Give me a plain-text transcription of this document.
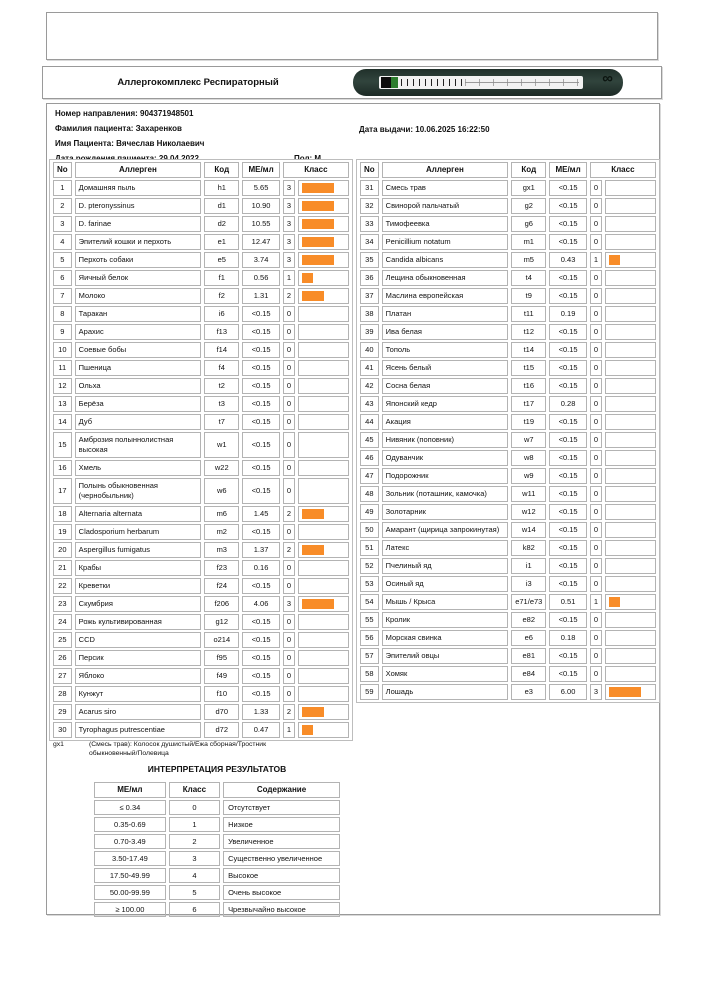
Аллергокомплекс Респираторный	∞
Номер направления: 904371948501
Фамилия пациента: Захаренков
Имя Пациента: Вячеслав Николаевич
Дата выдачи: 10.06.2025 16:22:50
No	Аллерген	Код	МЕ/мл	Класс	
1	Домашняя пыль	h1	5.65	3	

2	D. pteronyssinus	d1	10.90	3	

3	D. farinae	d2	10.55	3	

4	Эпителий кошки и перхоть	e1	12.47	3	

5	Перхоть собаки	e5	3.74	3	

6	Яичный белок	f1	0.56	1	

7	Молоко	f2	1.31	2	

8	Таракан	i6	<0.15	0	
9	Арахис	f13	<0.15	0	
10	Соевые бобы	f14	<0.15	0	
11	Пшеница	f4	<0.15	0	
12	Ольха	t2	<0.15	0	
13	Берёза	t3	<0.15	0	
14	Дуб	t7	<0.15	0	
15	Амброзия полыннолистная высокая	w1	<0.15	0	
16	Хмель	w22	<0.15	0	
17	Полынь обыкновенная (чернобыльник)	w6	<0.15	0	
18	Alternaria alternata	m6	1.45	2	

19	Cladosporium herbarum	m2	<0.15	0	
20	Aspergillus fumigatus	m3	1.37	2	

21	Крабы	f23	0.16	0	
22	Креветки	f24	<0.15	0	
23	Скумбрия	f206	4.06	3	

24	Рожь культивированная	g12	<0.15	0	
25	CCD	o214	<0.15	0	
26	Персик	f95	<0.15	0	
27	Яблоко	f49	<0.15	0	
28	Кунжут	f10	<0.15	0	
29	Acarus siro	d70	1.33	2	

30	Tyrophagus putrescentiae	d72	0.47	1	
No	Аллерген	Код	МЕ/мл	Класс	
31	Смесь трав	gx1	<0.15	0	
32	Свинорой пальчатый	g2	<0.15	0	
33	Тимофеевка	g6	<0.15	0	
34	Penicillium notatum	m1	<0.15	0	
35	Candida albicans	m5	0.43	1	

36	Лещина обыкновенная	t4	<0.15	0	
37	Маслина европейская	t9	<0.15	0	
38	Платан	t11	0.19	0	
39	Ива белая	t12	<0.15	0	
40	Тополь	t14	<0.15	0	
41	Ясень белый	t15	<0.15	0	
42	Сосна белая	t16	<0.15	0	
43	Японский кедр	t17	0.28	0	
44	Акация	t19	<0.15	0	
45	Нивяник (поповник)	w7	<0.15	0	
46	Одуванчик	w8	<0.15	0	
47	Подорожник	w9	<0.15	0	
48	Зольник (поташник, камочка)	w11	<0.15	0	
49	Золотарник	w12	<0.15	0	
50	Амарант (щирица запрокинутая)	w14	<0.15	0	
51	Латекс	k82	<0.15	0	
52	Пчелиный яд	i1	<0.15	0	
53	Осиный яд	i3	<0.15	0	
54	Мышь / Крыса	e71/e73	0.51	1	

55	Кролик	e82	<0.15	0	
56	Морская свинка	e6	0.18	0	
57	Эпителий овцы	e81	<0.15	0	
58	Хомяк	e84	<0.15	0	
59	Лошадь	e3	6.00	3	
gx1	(Смесь трав): Колосок душистый/Ежа сборная/Тростник обыкновенный/Полевица
ИНТЕРПРЕТАЦИЯ РЕЗУЛЬТАТОВ
МЕ/мл	Класс	Содержание
≤ 0.34	0	Отсутствует
0.35-0.69	1	Низкое
0.70-3.49	2	Увеличенное
3.50-17.49	3	Существенно увеличенное
17.50-49.99	4	Высокое
50.00-99.99	5	Очень высокое
≥ 100.00	6	Чрезвычайно высокое
